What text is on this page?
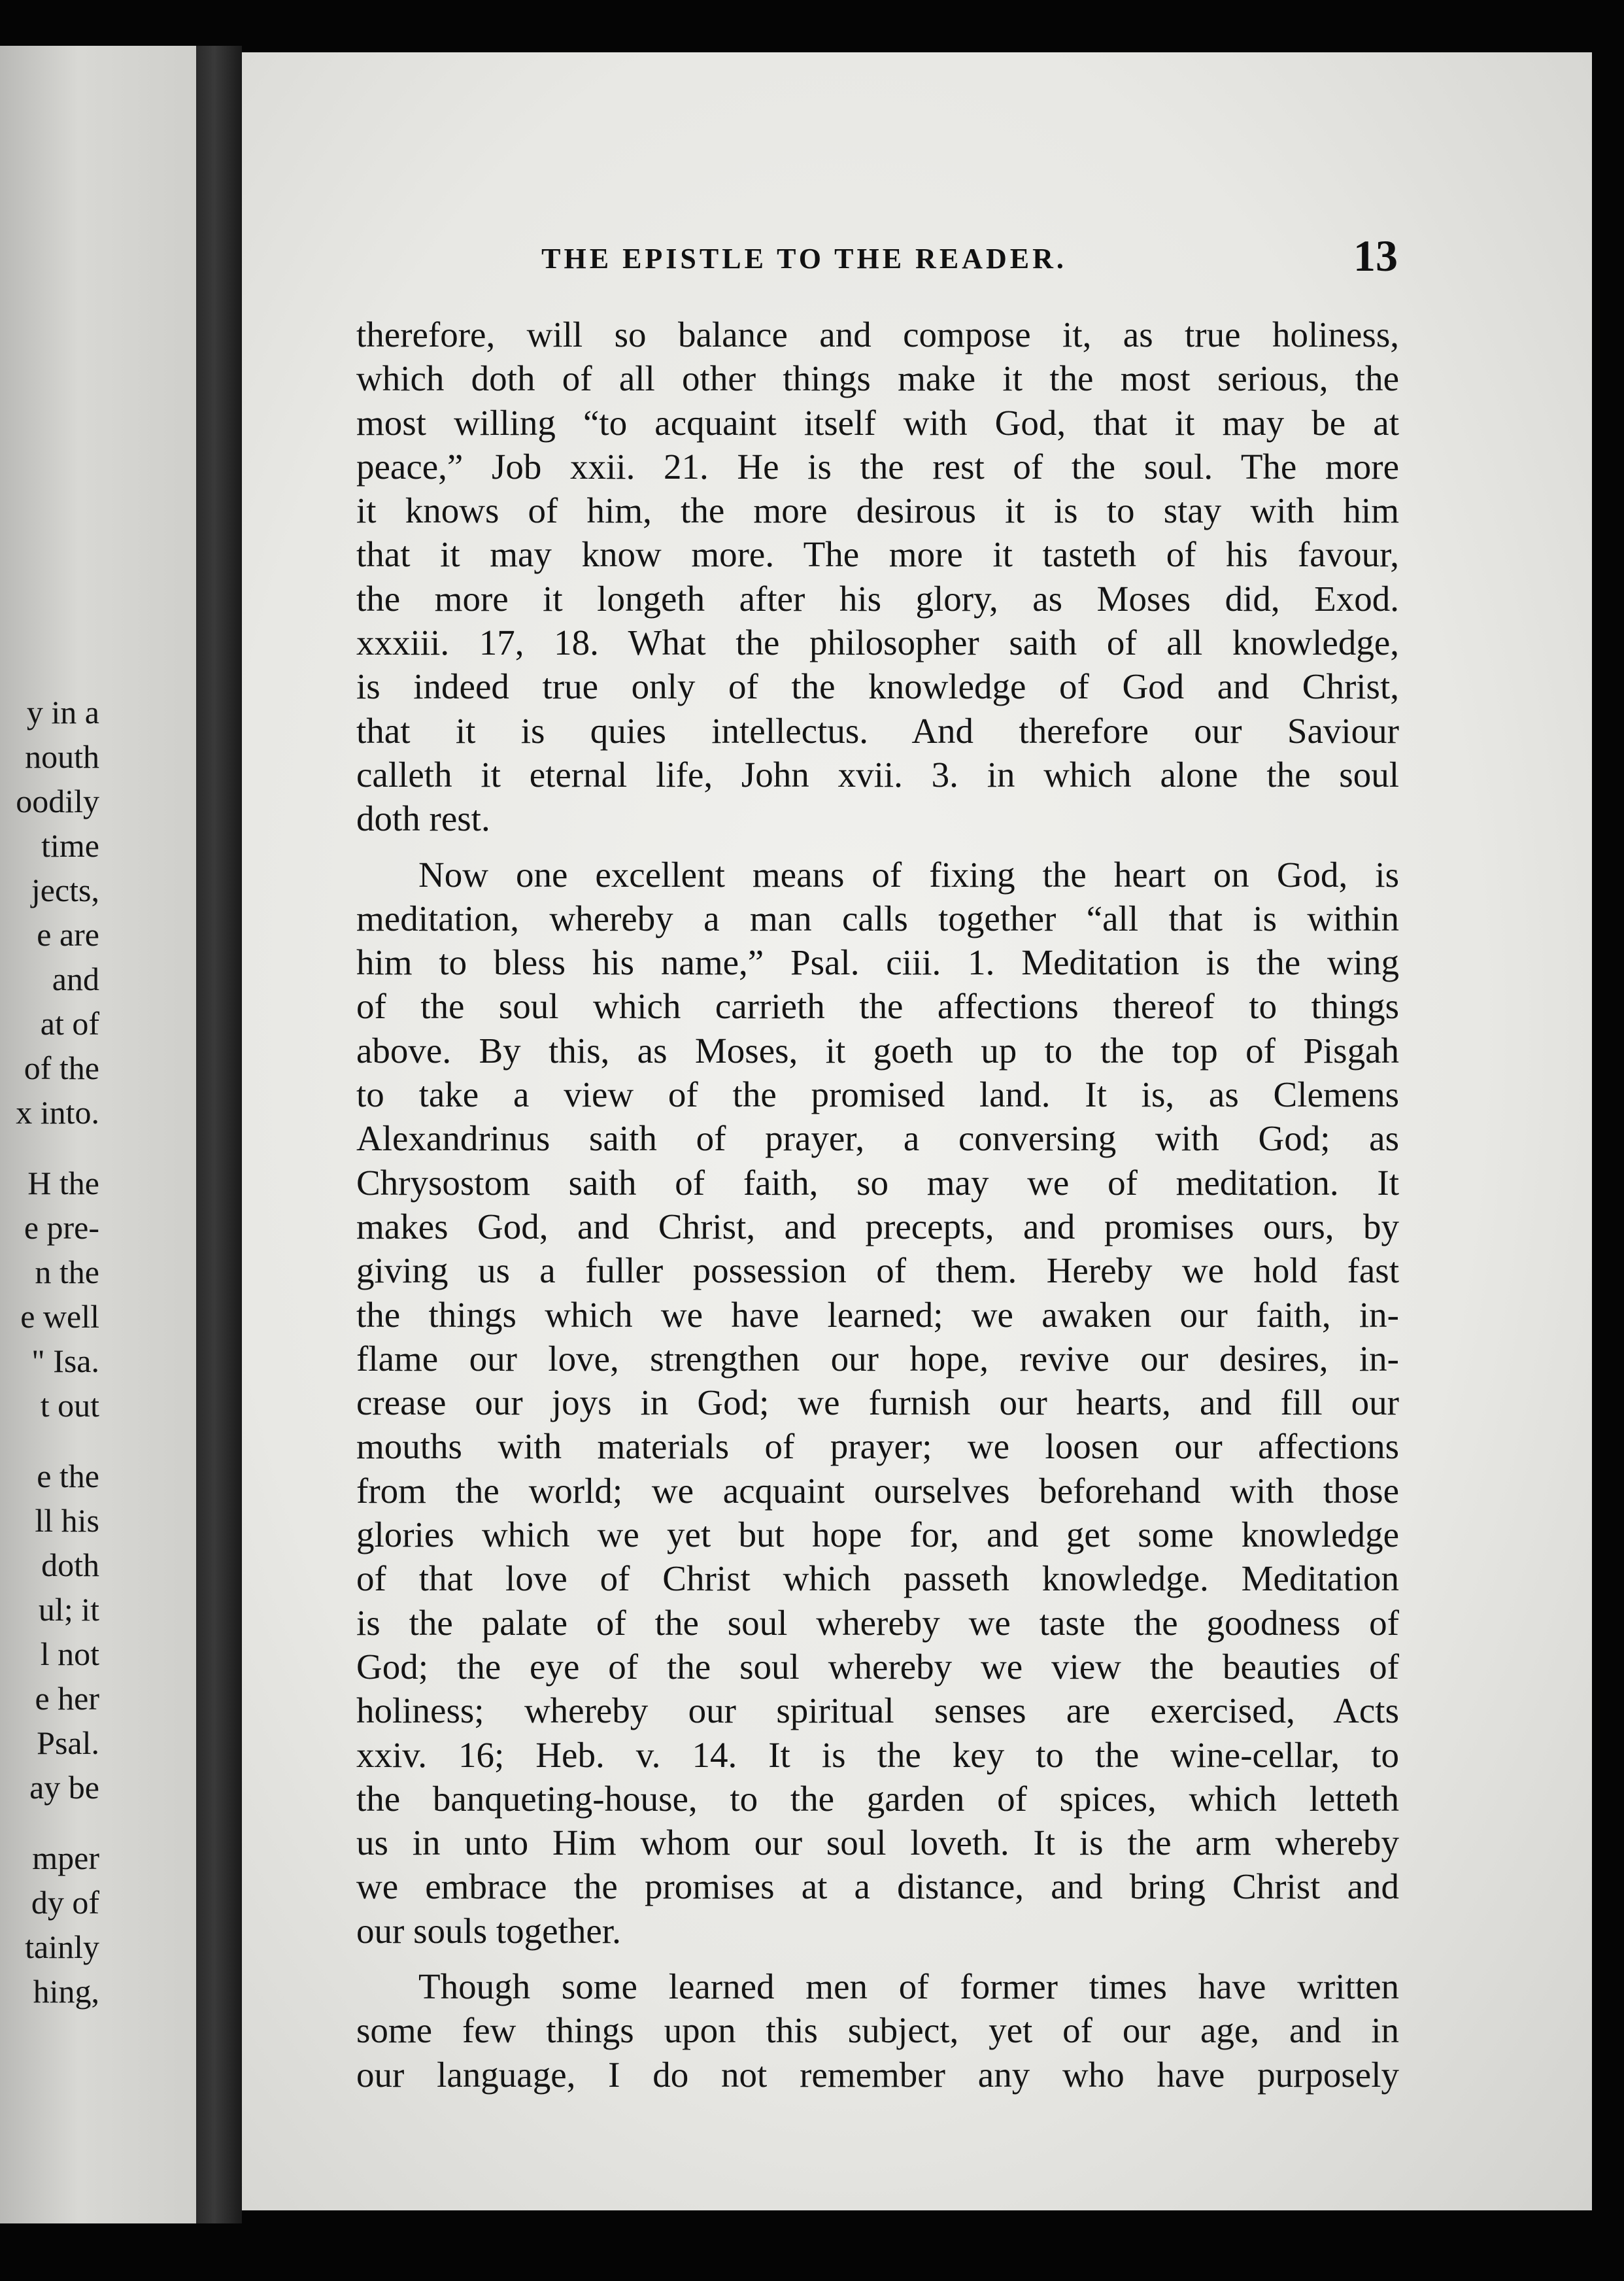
y in a
nouth
oodily
time
jects,
e are
and
at of
of the
x into.
H the
e pre-
n the
e well
" Isa.
t out
e the
ll his
doth
ul; it
l not
e her
Psal.
ay be
mper
dy of
tainly
hing,
THE EPISTLE TO THE READER.	13
therefore, will so balance and compose it, as true holiness,
which doth of all other things make it the most serious, the
most willing “to acquaint itself with God, that it may be at
peace,” Job xxii. 21. He is the rest of the soul. The more
it knows of him, the more desirous it is to stay with him
that it may know more. The more it tasteth of his favour,
the more it longeth after his glory, as Moses did, Exod.
xxxiii. 17, 18. What the philosopher saith of all knowledge,
is indeed true only of the knowledge of God and Christ,
that it is quies intellectus. And therefore our Saviour
calleth it eternal life, John xvii. 3. in which alone the soul
doth rest.
Now one excellent means of fixing the heart on God, is
meditation, whereby a man calls together “all that is within
him to bless his name,” Psal. ciii. 1. Meditation is the wing
of the soul which carrieth the affections thereof to things
above. By this, as Moses, it goeth up to the top of Pisgah
to take a view of the promised land. It is, as Clemens
Alexandrinus saith of prayer, a conversing with God; as
Chrysostom saith of faith, so may we of meditation. It
makes God, and Christ, and precepts, and promises ours, by
giving us a fuller possession of them. Hereby we hold fast
the things which we have learned; we awaken our faith, in-
flame our love, strengthen our hope, revive our desires, in-
crease our joys in God; we furnish our hearts, and fill our
mouths with materials of prayer; we loosen our affections
from the world; we acquaint ourselves beforehand with those
glories which we yet but hope for, and get some knowledge
of that love of Christ which passeth knowledge. Meditation
is the palate of the soul whereby we taste the goodness of
God; the eye of the soul whereby we view the beauties of
holiness; whereby our spiritual senses are exercised, Acts
xxiv. 16; Heb. v. 14. It is the key to the wine-cellar, to
the banqueting-house, to the garden of spices, which letteth
us in unto Him whom our soul loveth. It is the arm whereby
we embrace the promises at a distance, and bring Christ and
our souls together.
Though some learned men of former times have written
some few things upon this subject, yet of our age, and in
our language, I do not remember any who have purposely
